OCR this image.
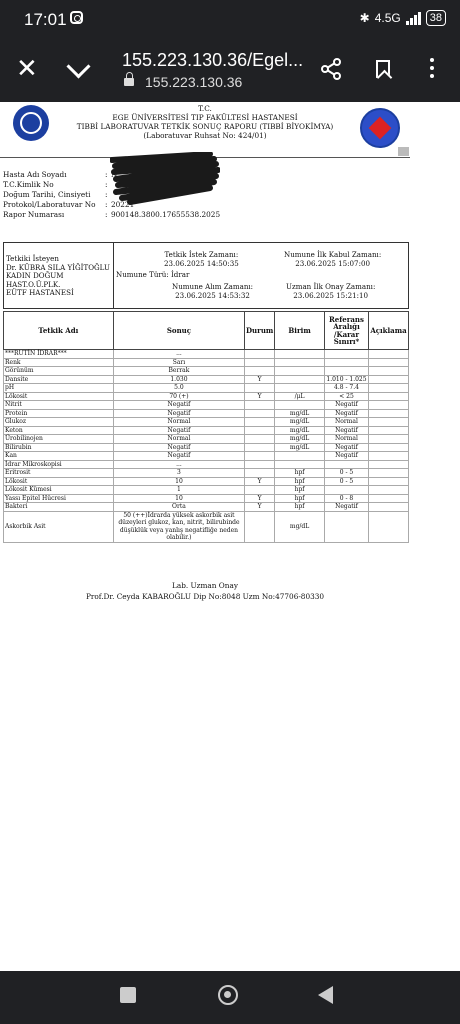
17:01	✱ 4.5G	38
✕	155.223.130.36/Egel...
155.223.130.36
T.C.
EGE ÜNİVERSİTESİ TIP FAKÜLTESİ HASTANESİ
TIBBİ LABORATUVAR TETKİK SONUÇ RAPORU (TIBBİ BİYOKİMYA)
(Laboratuvar Ruhsat No: 424/01)
Hasta Adı Soyadı	: N
T.C.Kimlik No	:
Doğum Tarihi, Cinsiyeti :
Protokol/Laboratuvar No : 20221
Rapor Numarası	: 900148.3800.17655538.2025
Tetkiki İsteyen
Dr. KÜBRA SILA YİĞİTOĞLU
KADIN DOĞUM
HAST.O.Ü.PLK.
EÜTF HASTANESİ
Tetkik İstek Zamanı:
23.06.2025 14:50:35
Numune İlk Kabul Zamanı:
23.06.2025 15:07:00
Numune Türü: İdrar
Numune Alım Zamanı:
23.06.2025 14:53:32
Uzman İlk Onay Zamanı:
23.06.2025 15:21:10
Tetkik Adı	Sonuç	Durum	Birim	Referans Aralığı /Karar Sınırı*	Açıklama
***RUTİN İDRAR***	...				
Renk	Sarı				
Görünüm	Berrak				
Dansite	1.030	Y		1.010 - 1.025	
pH	5.0			4.8 - 7.4	
Lökosit	70 (+)	Y	/μL	< 25	
Nitrit	Negatif			Negatif	
Protein	Negatif		mg/dL	Negatif	
Glukoz	Normal		mg/dL	Normal	
Keton	Negatif		mg/dL	Negatif	
Ürobilinojen	Normal		mg/dL	Normal	
Bilirubin	Negatif		mg/dL	Negatif	
Kan	Negatif			Negatif	
İdrar Mikroskopisi	...				
Eritrosit	3		hpf	0 - 5	
Lökosit	10	Y	hpf	0 - 5	
Lökosit Kümesi	1		hpf		
Yassı Epitel Hücresi	10	Y	hpf	0 - 8	
Bakteri	Orta	Y	hpf	Negatif	
Askorbik Asit	50 (++)İdrarda yüksek askorbik asit düzeyleri glukoz, kan, nitrit, bilirubinde düşüklük veya yanlış negatifliğe neden olabilir.)		mg/dL		
Lab. Uzman Onay
Prof.Dr. Ceyda KABAROĞLU Dip No:8048 Uzm No:47706-80330
